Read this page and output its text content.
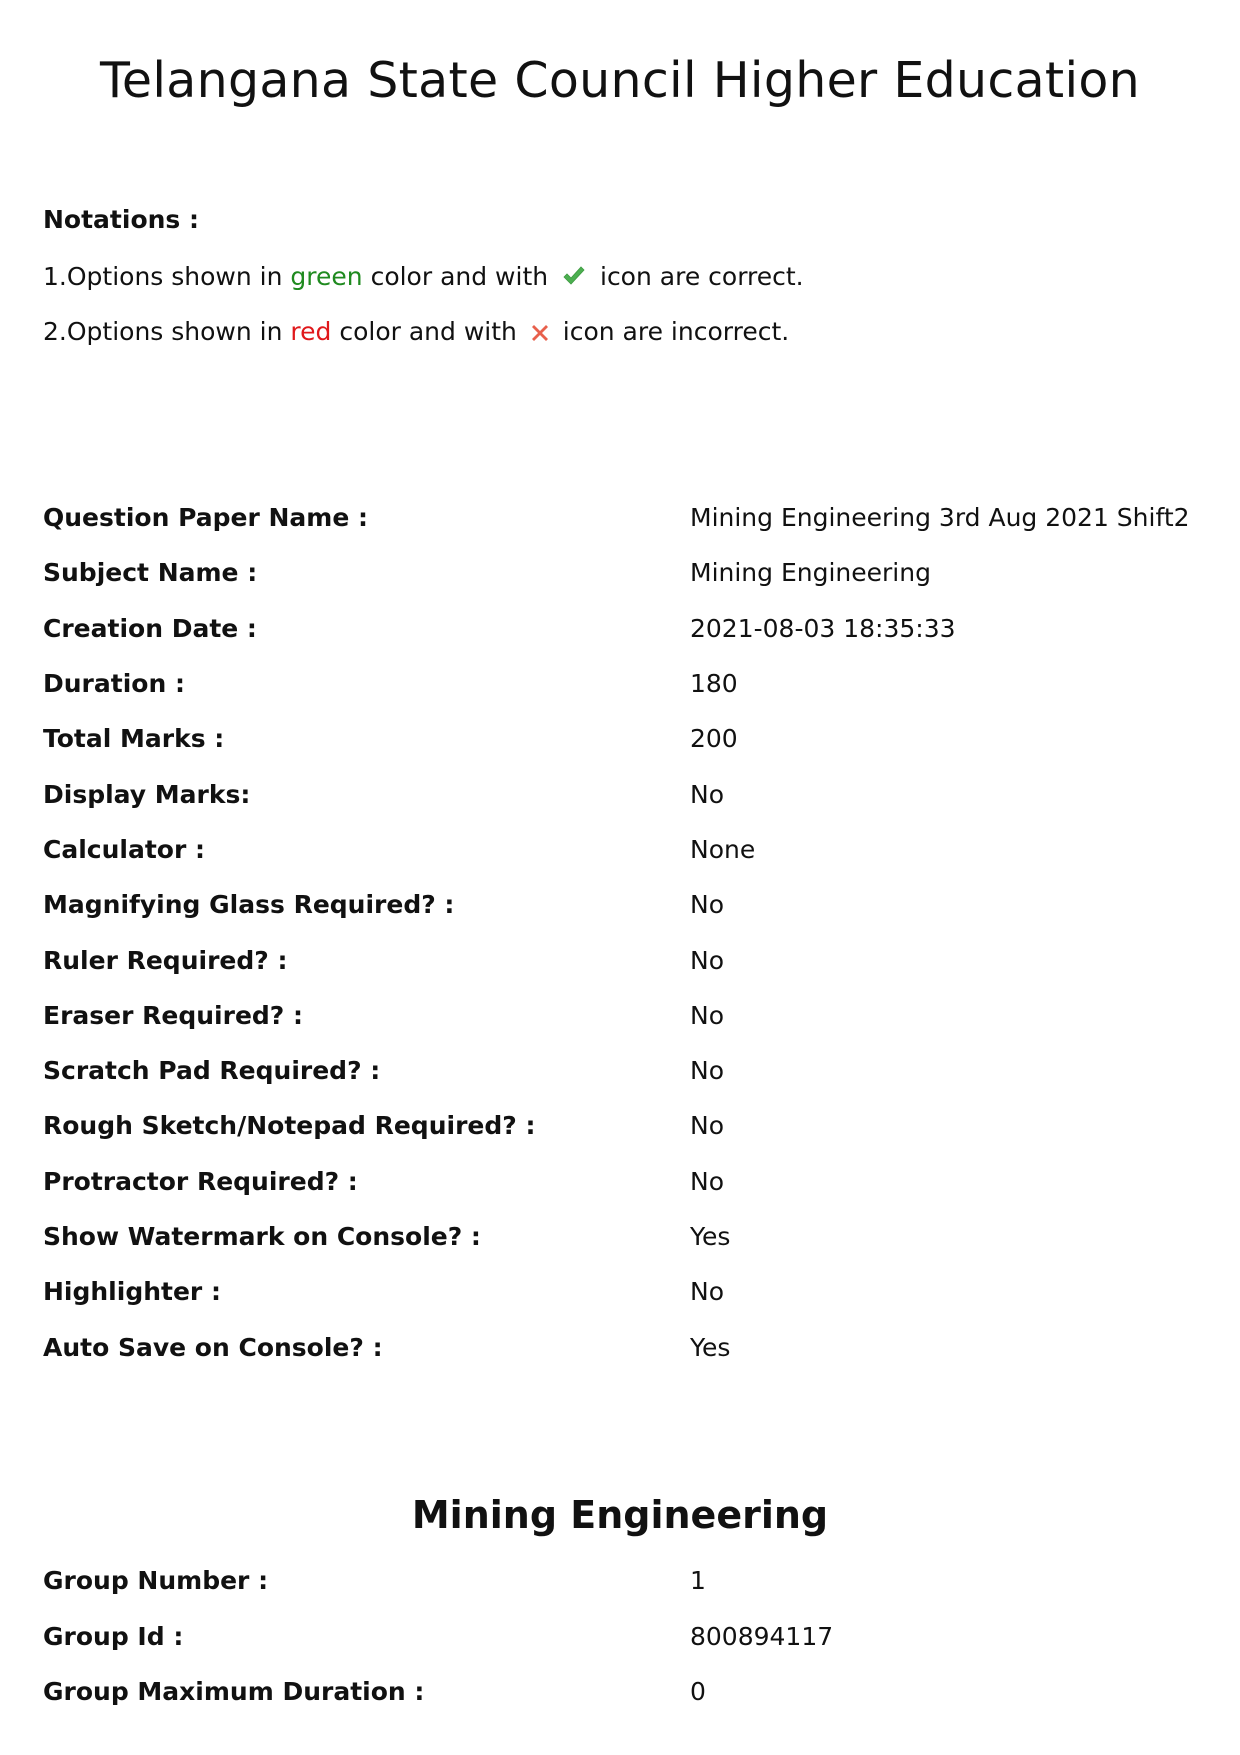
Telangana State Council Higher Education
Notations :
1.Options shown in green color and with  icon are correct.
2.Options shown in red color and with  icon are incorrect.
Question Paper Name :	Mining Engineering 3rd Aug 2021 Shift2
Subject Name :	Mining Engineering
Creation Date :	2021-08-03 18:35:33
Duration :	180
Total Marks :	200
Display Marks:	No
Calculator :	None
Magnifying Glass Required? :	No
Ruler Required? :	No
Eraser Required? :	No
Scratch Pad Required? :	No
Rough Sketch/Notepad Required? :	No
Protractor Required? :	No
Show Watermark on Console? :	Yes
Highlighter :	No
Auto Save on Console? :	Yes
Mining Engineering
Group Number :	1
Group Id :	800894117
Group Maximum Duration :	0
